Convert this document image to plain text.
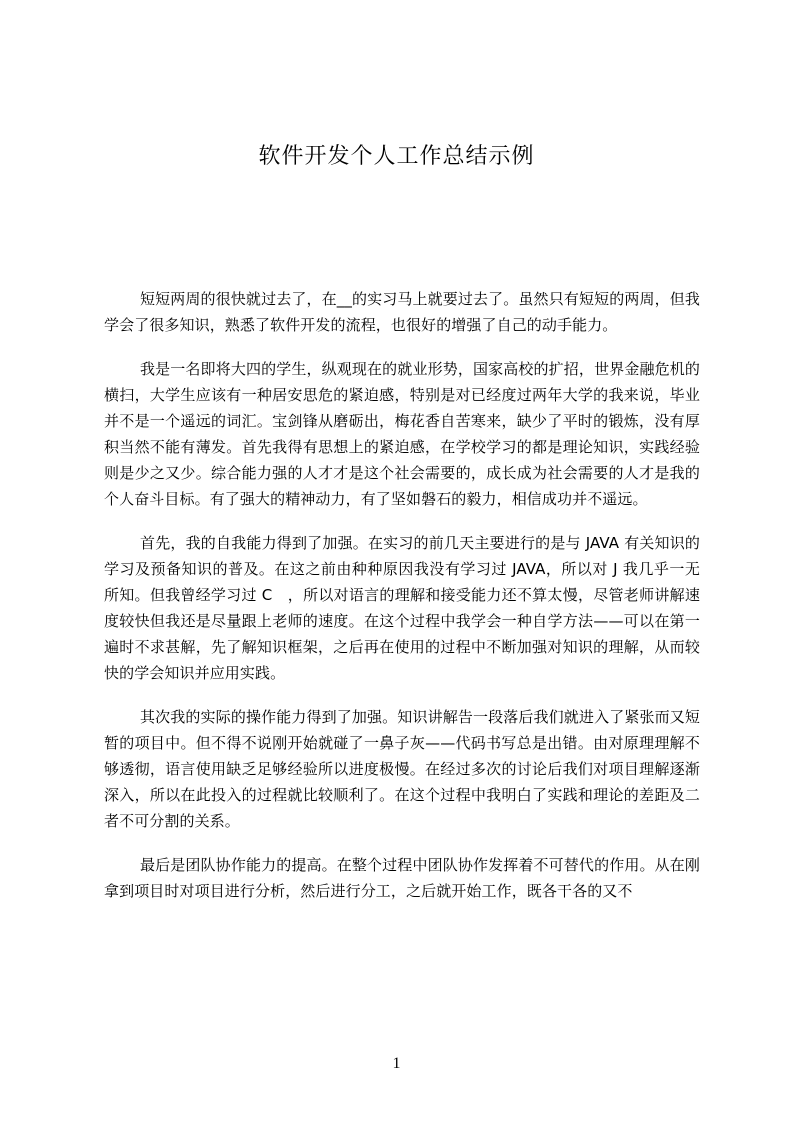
软件开发个人工作总结示例

短短两周的很快就过去了，在__的实习马上就要过去了。虽然只有短短的两周，但我学会了很多知识，熟悉了软件开发的流程，也很好的增强了自己的动手能力。

我是一名即将大四的学生，纵观现在的就业形势，国家高校的扩招，世界金融危机的横扫，大学生应该有一种居安思危的紧迫感，特别是对已经度过两年大学的我来说，毕业并不是一个遥远的词汇。宝剑锋从磨砺出，梅花香自苦寒来，缺少了平时的锻炼，没有厚积当然不能有薄发。首先我得有思想上的紧迫感，在学校学习的都是理论知识，实践经验则是少之又少。综合能力强的人才才是这个社会需要的，成长成为社会需要的人才是我的个人奋斗目标。有了强大的精神动力，有了坚如磐石的毅力，相信成功并不遥远。

首先，我的自我能力得到了加强。在实习的前几天主要进行的是与 JAVA 有关知识的学习及预备知识的普及。在这之前由种种原因我没有学习过 JAVA，所以对 J 我几乎一无所知。但我曾经学习过 C　，所以对语言的理解和接受能力还不算太慢，尽管老师讲解速度较快但我还是尽量跟上老师的速度。在这个过程中我学会一种自学方法——可以在第一遍时不求甚解，先了解知识框架，之后再在使用的过程中不断加强对知识的理解，从而较快的学会知识并应用实践。

其次我的实际的操作能力得到了加强。知识讲解告一段落后我们就进入了紧张而又短暂的项目中。但不得不说刚开始就碰了一鼻子灰——代码书写总是出错。由对原理理解不够透彻，语言使用缺乏足够经验所以进度极慢。在经过多次的讨论后我们对项目理解逐渐深入，所以在此投入的过程就比较顺利了。在这个过程中我明白了实践和理论的差距及二者不可分割的关系。

最后是团队协作能力的提高。在整个过程中团队协作发挥着不可替代的作用。从在刚拿到项目时对项目进行分析，然后进行分工，之后就开始工作，既各干各的又不

1
